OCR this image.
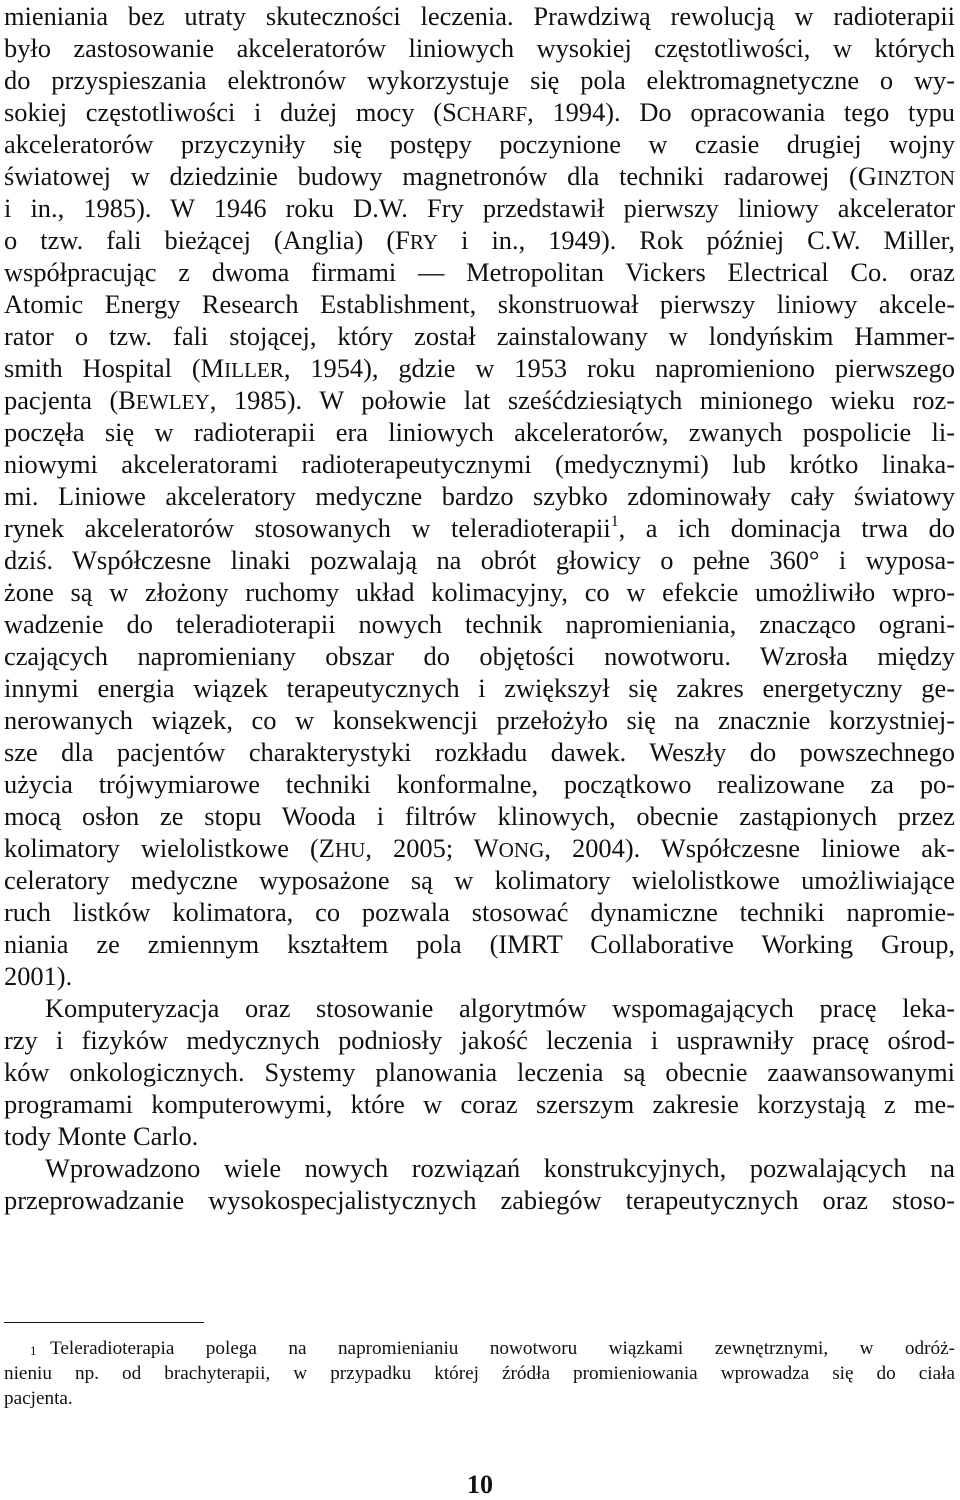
mieniania bez utraty skuteczności leczenia. Prawdziwą rewolucją w radioterapii
było zastosowanie akceleratorów liniowych wysokiej częstotliwości, w których
do przyspieszania elektronów wykorzystuje się pola elektromagnetyczne o wy-
sokiej częstotliwości i dużej mocy (SCHARF, 1994). Do opracowania tego typu
akceleratorów przyczyniły się postępy poczynione w czasie drugiej wojny
światowej w dziedzinie budowy magnetronów dla techniki radarowej (GINZTON
i in., 1985). W 1946 roku D.W. Fry przedstawił pierwszy liniowy akcelerator
o tzw. fali bieżącej (Anglia) (FRY i in., 1949). Rok później C.W. Miller,
współpracując z dwoma firmami — Metropolitan Vickers Electrical Co. oraz
Atomic Energy Research Establishment, skonstruował pierwszy liniowy akcele-
rator o tzw. fali stojącej, który został zainstalowany w londyńskim Hammer-
smith Hospital (MILLER, 1954), gdzie w 1953 roku napromieniono pierwszego
pacjenta (BEWLEY, 1985). W połowie lat sześćdziesiątych minionego wieku roz-
poczęła się w radioterapii era liniowych akceleratorów, zwanych pospolicie li-
niowymi akceleratorami radioterapeutycznymi (medycznymi) lub krótko linaka-
mi. Liniowe akceleratory medyczne bardzo szybko zdominowały cały światowy
rynek akceleratorów stosowanych w teleradioterapii$^1$, a ich dominacja trwa do
dziś. Współczesne linaki pozwalają na obrót głowicy o pełne 360° i wyposa-
żone są w złożony ruchomy układ kolimacyjny, co w efekcie umożliwiło wpro-
wadzenie do teleradioterapii nowych technik napromieniania, znacząco ograni-
czających napromieniany obszar do objętości nowotworu. Wzrosła między
innymi energia wiązek terapeutycznych i zwiększył się zakres energetyczny ge-
nerowanych wiązek, co w konsekwencji przełożyło się na znacznie korzystniej-
sze dla pacjentów charakterystyki rozkładu dawek. Weszły do powszechnego
użycia trójwymiarowe techniki konformalne, początkowo realizowane za po-
mocą osłon ze stopu Wooda i filtrów klinowych, obecnie zastąpionych przez
kolimatory wielolistkowe (ZHU, 2005; WONG, 2004). Współczesne liniowe ak-
celeratory medyczne wyposażone są w kolimatory wielolistkowe umożliwiające
ruch listków kolimatora, co pozwala stosować dynamiczne techniki napromie-
niania ze zmiennym kształtem pola (IMRT Collaborative Working Group,
2001).
Komputeryzacja oraz stosowanie algorytmów wspomagających pracę leka-
rzy i fizyków medycznych podniosły jakość leczenia i usprawniły pracę ośrod-
ków onkologicznych. Systemy planowania leczenia są obecnie zaawansowanymi
programami komputerowymi, które w coraz szerszym zakresie korzystają z me-
tody Monte Carlo.
Wprowadzono wiele nowych rozwiązań konstrukcyjnych, pozwalających na
przeprowadzanie wysokospecjalistycznych zabiegów terapeutycznych oraz stoso-
1 Teleradioterapia polega na napromienianiu nowotworu wiązkami zewnętrznymi, w odróż-
nieniu np. od brachyterapii, w przypadku której źródła promieniowania wprowadza się do ciała
pacjenta.
10
